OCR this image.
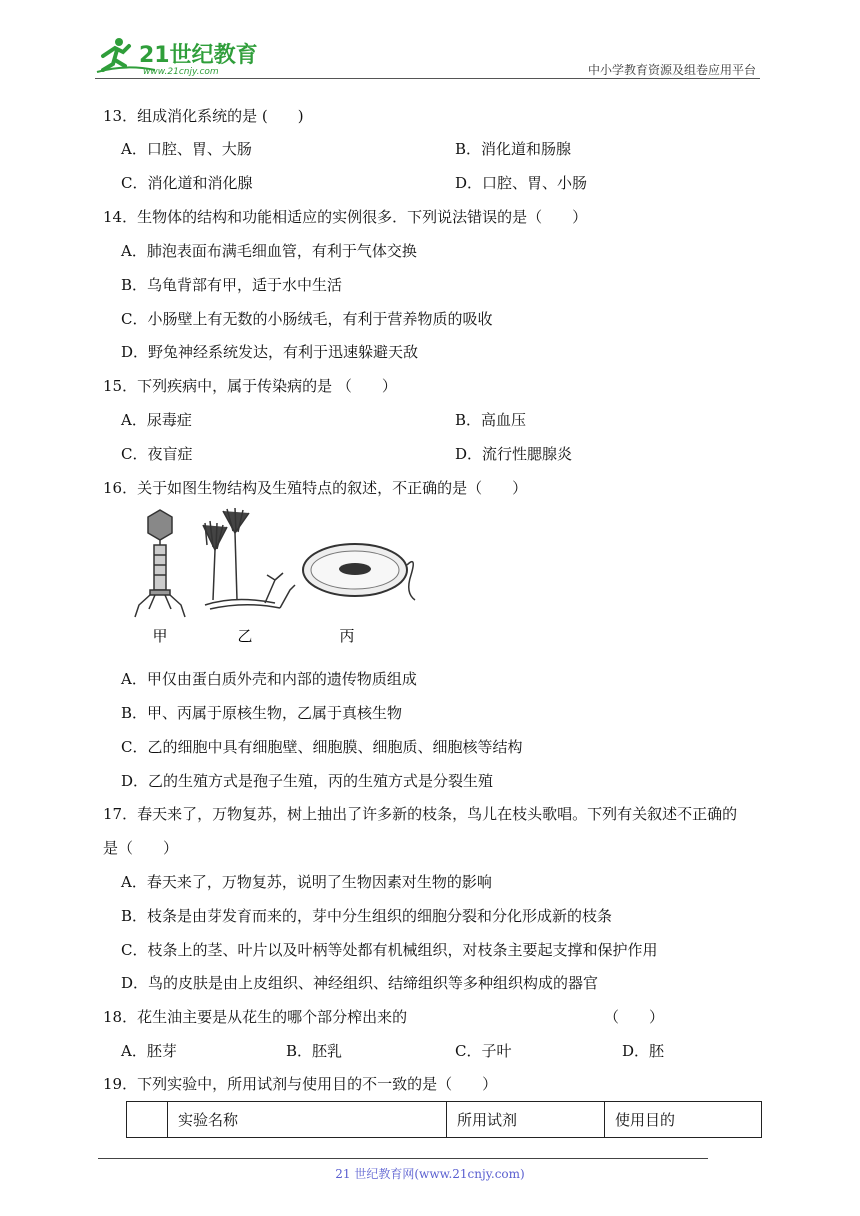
21世纪教育
www.21cnjy.com	中小学教育资源及组卷应用平台
13．组成消化系统的是 (　　)
A．口腔、胃、大肠	B．消化道和肠腺
C．消化道和消化腺	D．口腔、胃、小肠
14．生物体的结构和功能相适应的实例很多．下列说法错误的是（　　）
A．肺泡表面布满毛细血管，有利于气体交换
B．乌龟背部有甲，适于水中生活
C．小肠壁上有无数的小肠绒毛，有利于营养物质的吸收
D．野兔神经系统发达，有利于迅速躲避天敌
15．下列疾病中，属于传染病的是 （　　）
A．尿毒症	B．高血压
C．夜盲症	D．流行性腮腺炎
16．关于如图生物结构及生殖特点的叙述，不正确的是（　　）
甲	乙	丙
A．甲仅由蛋白质外壳和内部的遗传物质组成
B．甲、丙属于原核生物，乙属于真核生物
C．乙的细胞中具有细胞壁、细胞膜、细胞质、细胞核等结构
D．乙的生殖方式是孢子生殖，丙的生殖方式是分裂生殖
17．春天来了，万物复苏，树上抽出了许多新的枝条，鸟儿在枝头歌唱。下列有关叙述不正确的
是（　　）
A．春天来了，万物复苏，说明了生物因素对生物的影响
B．枝条是由芽发育而来的，芽中分生组织的细胞分裂和分化形成新的枝条
C．枝条上的茎、叶片以及叶柄等处都有机械组织，对枝条主要起支撑和保护作用
D．鸟的皮肤是由上皮组织、神经组织、结缔组织等多种组织构成的器官
18．花生油主要是从花生的哪个部分榨出来的	（　　）
A．胚芽	B．胚乳	C．子叶	D．胚
19．下列实验中，所用试剂与使用目的不一致的是（　　）
	实验名称	所用试剂	使用目的
21 世纪教育网(www.21cnjy.com)
